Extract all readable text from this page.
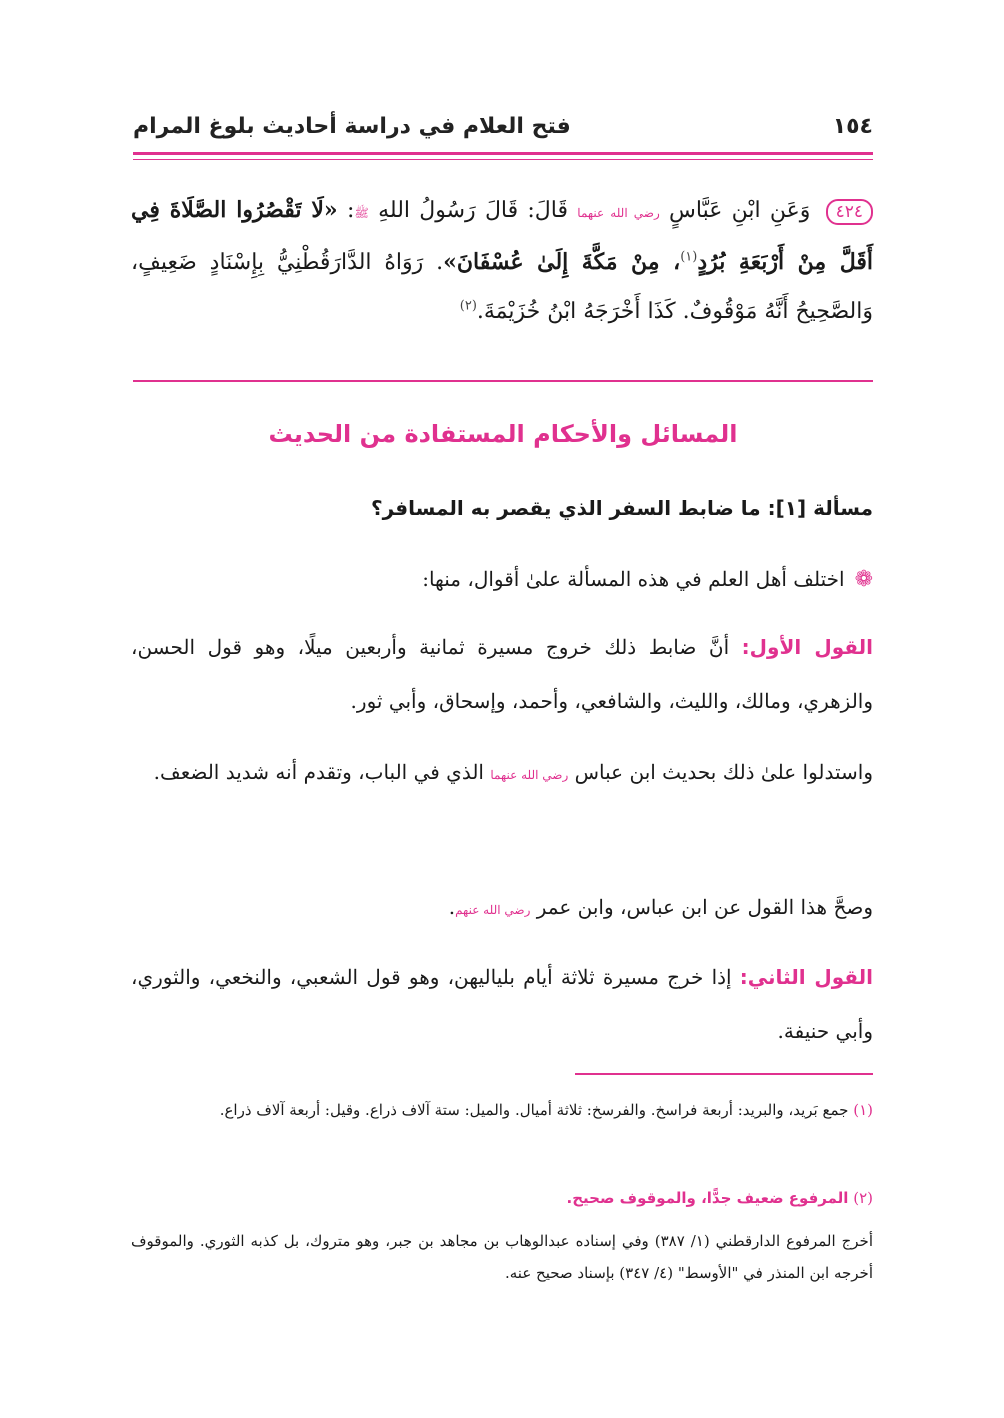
١٥٤
فتح العلام في دراسة أحاديث بلوغ المرام
٤٢٤ وَعَنِ ابْنِ عَبَّاسٍ رضي الله عنهما قَالَ: قَالَ رَسُولُ اللهِ ﷺ: «لَا تَقْصُرُوا الصَّلَاةَ فِي أَقَلَّ مِنْ أَرْبَعَةِ بُرُدٍ$^{(١)}$، مِنْ مَكَّةَ إِلَىٰ عُسْفَانَ». رَوَاهُ الدَّارَقُطْنِيُّ بِإِسْنَادٍ ضَعِيفٍ، وَالصَّحِيحُ أَنَّهُ مَوْقُوفٌ. كَذَا أَخْرَجَهُ ابْنُ خُزَيْمَةَ.$^{(٢)}$
المسائل والأحكام المستفادة من الحديث
مسألة [١]: ما ضابط السفر الذي يقصر به المسافر؟
❁اختلف أهل العلم في هذه المسألة علىٰ أقوال، منها:
القول الأول: أنَّ ضابط ذلك خروج مسيرة ثمانية وأربعين ميلًا، وهو قول الحسن، والزهري، ومالك، والليث، والشافعي، وأحمد، وإسحاق، وأبي ثور.
واستدلوا علىٰ ذلك بحديث ابن عباس رضي الله عنهما الذي في الباب، وتقدم أنه شديد الضعف.
وصحَّ هذا القول عن ابن عباس، وابن عمر رضي الله عنهم.
القول الثاني: إذا خرج مسيرة ثلاثة أيام بلياليهن، وهو قول الشعبي، والنخعي، والثوري، وأبي حنيفة.
(١) جمع بَريد، والبريد: أربعة فراسخ. والفرسخ: ثلاثة أميال. والميل: ستة آلاف ذراع. وقيل: أربعة آلاف ذراع.
(٢) المرفوع ضعيف جدًّا، والموقوف صحيح.
أخرج المرفوع الدارقطني (١/ ٣٨٧) وفي إسناده عبدالوهاب بن مجاهد بن جبر، وهو متروك، بل كذبه الثوري. والموقوف أخرجه ابن المنذر في "الأوسط" (٤/ ٣٤٧) بإسناد صحيح عنه.
